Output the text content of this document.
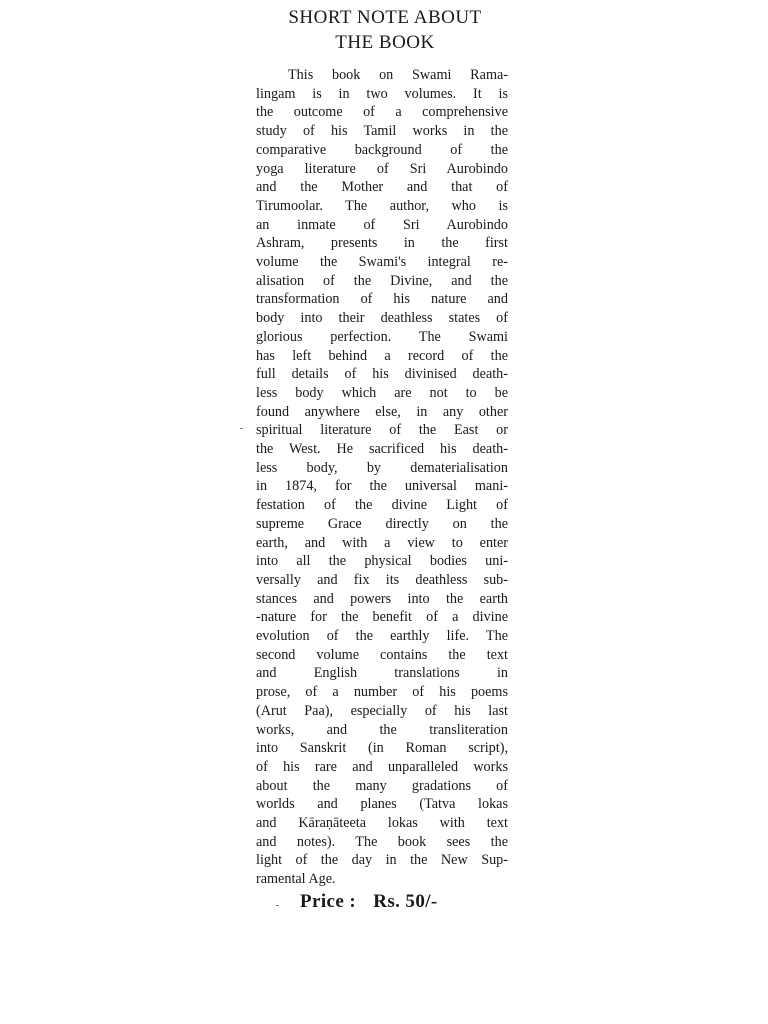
SHORT NOTE ABOUT
THE BOOK
This book on Swami Rama-
lingam is in two volumes. It is
the outcome of a comprehensive
study of his Tamil works in the
comparative background of the
yoga literature of Sri Aurobindo
and the Mother and that of
Tirumoolar. The author, who is
an inmate of Sri Aurobindo
Ashram, presents in the first
volume the Swami's integral re-
alisation of the Divine, and the
transformation of his nature and
body into their deathless states of
glorious perfection. The Swami
has left behind a record of the
full details of his divinised death-
less body which are not to be
found anywhere else, in any other
spiritual literature of the East or
the West. He sacrificed his death-
less body, by dematerialisation
in 1874, for the universal mani-
festation of the divine Light of
supreme Grace directly on the
earth, and with a view to enter
into all the physical bodies uni-
versally and fix its deathless sub-
stances and powers into the earth
-nature for the benefit of a divine
evolution of the earthly life. The
second volume contains the text
and English translations in
prose, of a number of his poems
(Arut Paa), especially of his last
works, and the transliteration
into Sanskrit (in Roman script),
of his rare and unparalleled works
about the many gradations of
worlds and planes (Tatva lokas
and Kāraṇāteeta lokas with text
and notes). The book sees the
light of the day in the New Sup-
ramental Age.
Price : Rs. 50/-
